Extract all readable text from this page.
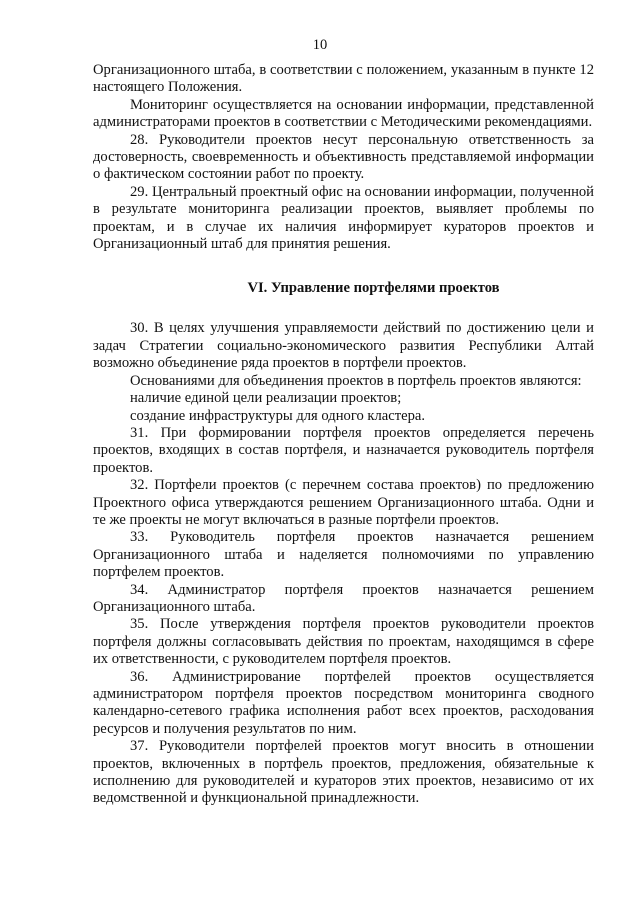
10

Организационного штаба, в соответствии с положением, указанным в пункте 12 настоящего Положения.

Мониторинг осуществляется на основании информации, представленной администраторами проектов в соответствии с Методическими рекомендациями.

28. Руководители проектов несут персональную ответственность за достоверность, своевременность и объективность представляемой информации о фактическом состоянии работ по проекту.

29. Центральный проектный офис на основании информации, полученной в результате мониторинга реализации проектов, выявляет проблемы по проектам, и в случае их наличия информирует кураторов проектов и Организационный штаб для принятия решения.

VI. Управление портфелями проектов

30. В целях улучшения управляемости действий по достижению цели и задач Стратегии социально-экономического развития Республики Алтай возможно объединение ряда проектов в портфели проектов.

Основаниями для объединения проектов в портфель проектов являются:

наличие единой цели реализации проектов;

создание инфраструктуры для одного кластера.

31. При формировании портфеля проектов определяется перечень проектов, входящих в состав портфеля, и назначается руководитель портфеля проектов.

32. Портфели проектов (с перечнем состава проектов) по предложению Проектного офиса утверждаются решением Организационного штаба. Одни и те же проекты не могут включаться в разные портфели проектов.

33. Руководитель портфеля проектов назначается решением Организационного штаба и наделяется полномочиями по управлению портфелем проектов.

34. Администратор портфеля проектов назначается решением Организационного штаба.

35. После утверждения портфеля проектов руководители проектов портфеля должны согласовывать действия по проектам, находящимся в сфере их ответственности, с руководителем портфеля проектов.

36. Администрирование портфелей проектов осуществляется администратором портфеля проектов посредством мониторинга сводного календарно-сетевого графика исполнения работ всех проектов, расходования ресурсов и получения результатов по ним.

37. Руководители портфелей проектов могут вносить в отношении проектов, включенных в портфель проектов, предложения, обязательные к исполнению для руководителей и кураторов этих проектов, независимо от их ведомственной и функциональной принадлежности.
